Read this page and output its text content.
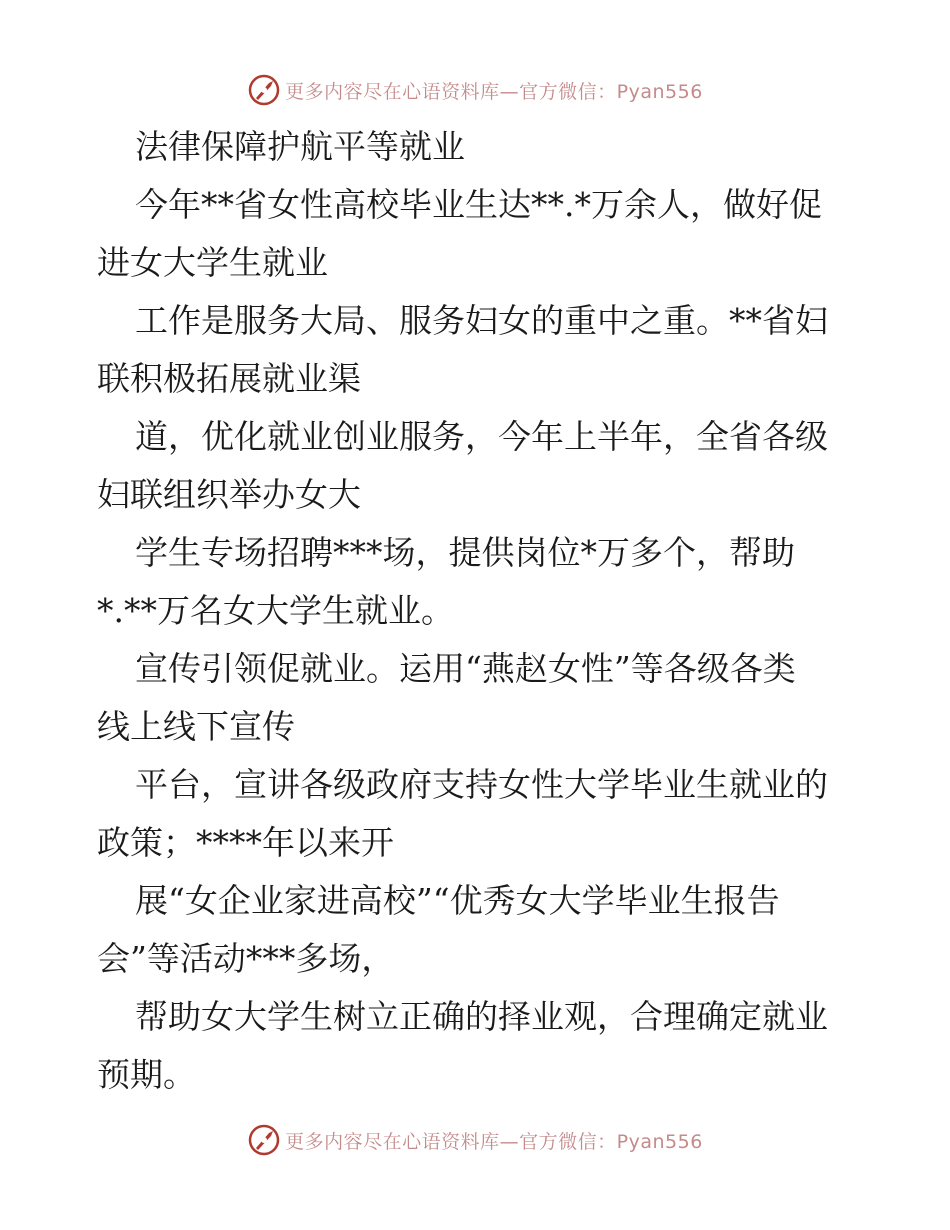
更多内容尽在心语资料库—官方微信：Pyan556
法律保障护航平等就业
今年**省女性高校毕业生达**.*万余人，做好促
进女大学生就业
工作是服务大局、服务妇女的重中之重。**省妇
联积极拓展就业渠
道，优化就业创业服务，今年上半年，全省各级
妇联组织举办女大
学生专场招聘***场，提供岗位*万多个，帮助
*.**万名女大学生就业。
宣传引领促就业。运用“燕赵女性”等各级各类
线上线下宣传
平台，宣讲各级政府支持女性大学毕业生就业的
政策；****年以来开
展“女企业家进高校”“优秀女大学毕业生报告
会”等活动***多场，
帮助女大学生树立正确的择业观，合理确定就业
预期。
更多内容尽在心语资料库—官方微信：Pyan556
